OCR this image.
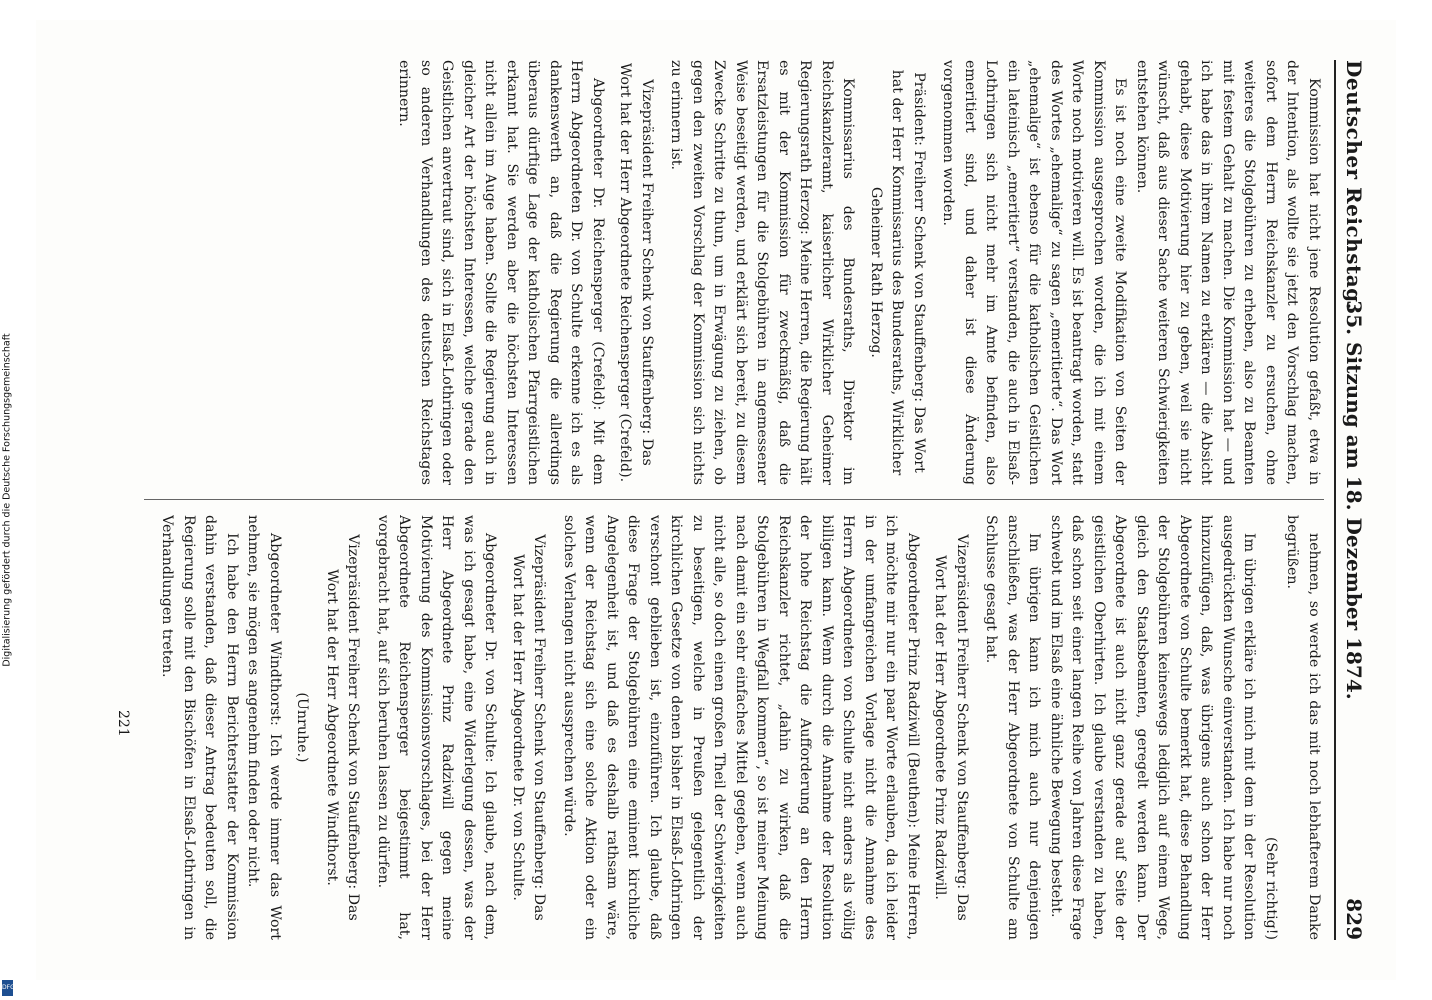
Digitalisierung gefördert durch die Deutsche Forschungsgemeinschaft
DFG
Deutscher Reichstag.
35. Sitzung am 18. Dezember 1874.
829

Kommission hat nicht jene Resolution gefaßt, etwa in der Intention, als wollte sie jetzt den Vorschlag machen, sofort dem Herrn Reichskanzler zu ersuchen, ohne weiteres die Stolgebühren zu erheben, also zu Beamten mit festem Gehalt zu machen. Die Kommission hat — und ich habe das in ihrem Namen zu erklären — die Absicht gehabt, diese Motivierung hier zu geben, weil sie nicht wünscht, daß aus dieser Sache weiteren Schwierigkeiten entstehen können.

Es ist noch eine zweite Modifikation von Seiten der Kommission ausgesprochen worden, die ich mit einem Worte noch motivieren will. Es ist beantragt worden, statt des Wortes „ehemalige“ zu sagen „emeritierte“. Das Wort „ehemalige“ ist ebenso für die katholischen Geistlichen ein lateinisch „emeritiert“ verstanden, die auch in Elsaß-Lothringen sich nicht mehr im Amte befinden, also emeritiert sind, und daher ist diese Änderung vorgenommen worden.

Präsident: Freiherr Schenk von Stauffenberg: Das Wort hat der Herr Kommissarius des Bundesraths, Wirklicher Geheimer Rath Herzog.

Kommissarius des Bundesraths, Direktor im Reichskanzleramt, kaiserlicher Wirklicher Geheimer Regierungsrath Herzog: Meine Herren, die Regierung hält es mit der Kommission für zweckmäßig, daß die Ersatzleistungen für die Stolgebühren in angemessener Weise beseitigt werden, und erklärt sich bereit, zu diesem Zwecke Schritte zu thun, um in Erwägung zu ziehen, ob gegen den zweiten Vorschlag der Kommission sich nichts zu erinnern ist.

Vizepräsident Freiherr Schenk von Stauffenberg: Das Wort hat der Herr Abgeordnete Reichensperger (Crefeld).

Abgeordneter Dr. Reichensperger (Crefeld): Mit dem Herrn Abgeordneten Dr. von Schulte erkenne ich es als dankenswerth an, daß die Regierung die allerdings überaus dürftige Lage der katholischen Pfarrgeistlichen erkannt hat. Sie werden aber die höchsten Interessen nicht allein im Auge haben. Sollte die Regierung auch in gleicher Art der höchsten Interessen, welche gerade den Geistlichen anvertraut sind, sich in Elsaß-Lothringen oder so anderen Verhandlungen des deutschen Reichstages erinnern.

nehmen, so werde ich das mit noch lebhafterem Danke begrüßen.

(Sehr richtig!)

Im übrigen erkläre ich mich mit dem in der Resolution ausgedrückten Wunsche einverstanden. Ich habe nur noch hinzuzufügen, daß, was übrigens auch schon der Herr Abgeordnete von Schulte bemerkt hat, diese Behandlung der Stolgebühren keineswegs lediglich auf einem Wege, gleich den Staatsbeamten, geregelt werden kann. Der Abgeordnete ist auch nicht ganz gerade auf Seite der geistlichen Oberhirten. Ich glaube verstanden zu haben, daß schon seit einer langen Reihe von Jahren diese Frage schwebt und im Elsaß eine ähnliche Bewegung besteht.

Im übrigen kann ich mich auch nur denjenigen anschließen, was der Herr Abgeordnete von Schulte am Schlusse gesagt hat.

Vizepräsident Freiherr Schenk von Stauffenberg: Das Wort hat der Herr Abgeordnete Prinz Radziwill.

Abgeordneter Prinz Radziwill (Beuthen): Meine Herren, ich möchte mir nur ein paar Worte erlauben, da ich leider in der umfangreichen Vorlage nicht die Annahme des Herrn Abgeordneten von Schulte nicht anders als völlig billigen kann. Wenn durch die Annahme der Resolution der hohe Reichstag die Aufforderung an den Herrn Reichskanzler richtet, „dahin zu wirken, daß die Stolgebühren in Wegfall kommen“, so ist meiner Meinung nach damit ein sehr einfaches Mittel gegeben, wenn auch nicht alle, so doch einen großen Theil der Schwierigkeiten zu beseitigen, welche in Preußen gelegentlich der kirchlichen Gesetze von denen bisher in Elsaß-Lothringen verschont geblieben ist, einzuführen. Ich glaube, daß diese Frage der Stolgebühren eine eminent kirchliche Angelegenheit ist, und daß es deshalb rathsam wäre, wenn der Reichstag sich eine solche Aktion oder ein solches Verlangen nicht aussprechen würde.

Vizepräsident Freiherr Schenk von Stauffenberg: Das Wort hat der Herr Abgeordnete Dr. von Schulte.

Abgeordneter Dr. von Schulte: Ich glaube, nach dem, was ich gesagt habe, eine Widerlegung dessen, was der Herr Abgeordnete Prinz Radziwill gegen meine Motivierung des Kommissionsvorschlages, bei der Herr Abgeordnete Reichensperger beigestimmt hat, vorgebracht hat, auf sich beruhen lassen zu dürfen.

Vizepräsident Freiherr Schenk von Stauffenberg: Das Wort hat der Herr Abgeordnete Windthorst.

(Unruhe.)

Abgeordneter Windthorst: Ich werde immer das Wort nehmen, sie mögen es angenehm finden oder nicht.

Ich habe den Herrn Berichterstatter der Kommission dahin verstanden, daß dieser Antrag bedeuten soll, die Regierung solle mit den Bischöfen in Elsaß-Lothringen in Verhandlungen treten.

221
